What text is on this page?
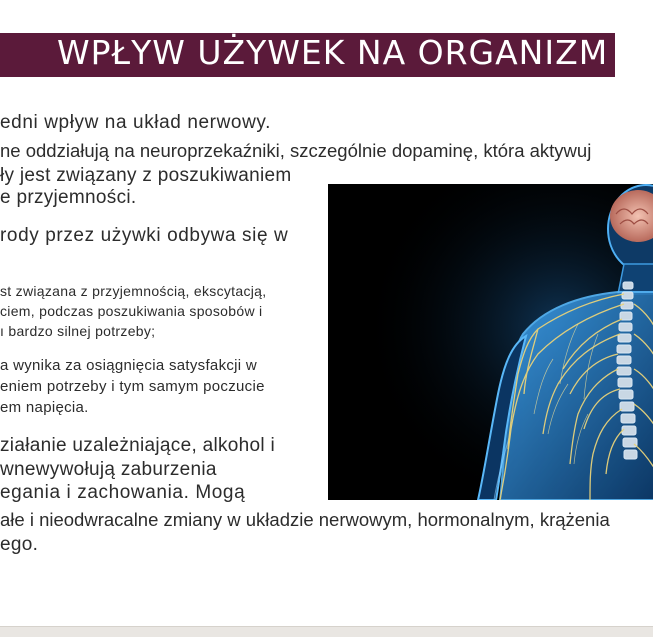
WPŁYW UŻYWEK NA ORGANIZM
edni wpływ na układ nerwowy.
ne oddziałują na neuroprzekaźniki, szczególnie dopaminę, która aktywuj
ły jest związany z poszukiwaniem
e przyjemności.
rody przez używki odbywa się w
st związana z przyjemnością, ekscytacją,
ciem, podczas poszukiwania sposobów i
ı bardzo silnej potrzeby;
a wynika za osiągnięcia satysfakcji w
eniem potrzeby i tym samym poczucie
em napięcia.
ziałanie uzależniające, alkohol i
wnewywołują zaburzenia
egania i zachowania. Mogą
ałe i nieodwracalne zmiany w układzie nerwowym, hormonalnym, krążenia
ego.
